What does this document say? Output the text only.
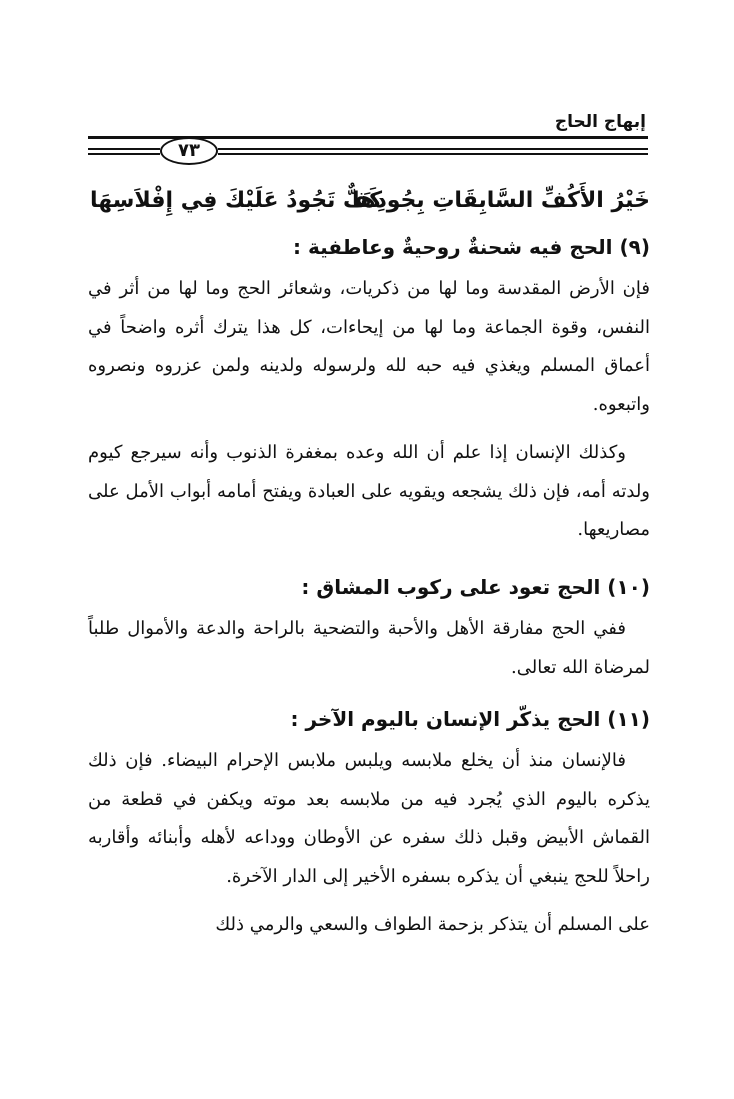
إبهاج الحاج
٧٣
خَيْرُ الأَكُفِّ السَّابِقَاتِ بِجُودِهَا
كَفٌّ تَجُودُ عَلَيْكَ فِي إِفْلاَسِهَا
(٩) الحج فيه شحنةٌ روحيةٌ وعاطفية :
فإن الأرض المقدسة وما لها من ذكريات، وشعائر الحج وما لها من أثر في النفس، وقوة الجماعة وما لها من إيحاءات، كل هذا يترك أثره واضحاً في أعماق المسلم ويغذي فيه حبه لله ولرسوله ولدينه ولمن عزروه ونصروه واتبعوه.
وكذلك الإنسان إذا علم أن الله وعده بمغفرة الذنوب وأنه سيرجع كيوم ولدته أمه، فإن ذلك يشجعه ويقويه على العبادة ويفتح أمامه أبواب الأمل على مصاريعها.
(١٠) الحج تعود على ركوب المشاق :
ففي الحج مفارقة الأهل والأحبة والتضحية بالراحة والدعة والأموال طلباً لمرضاة الله تعالى.
(١١) الحج يذكّر الإنسان باليوم الآخر :
فالإنسان منذ أن يخلع ملابسه ويلبس ملابس الإحرام البيضاء. فإن ذلك يذكره باليوم الذي يُجرد فيه من ملابسه بعد موته ويكفن في قطعة من القماش الأبيض وقبل ذلك سفره عن الأوطان ووداعه لأهله وأبنائه وأقاربه راحلاً للحج ينبغي أن يذكره بسفره الأخير إلى الدار الآخرة.
على المسلم أن يتذكر بزحمة الطواف والسعي والرمي ذلك
